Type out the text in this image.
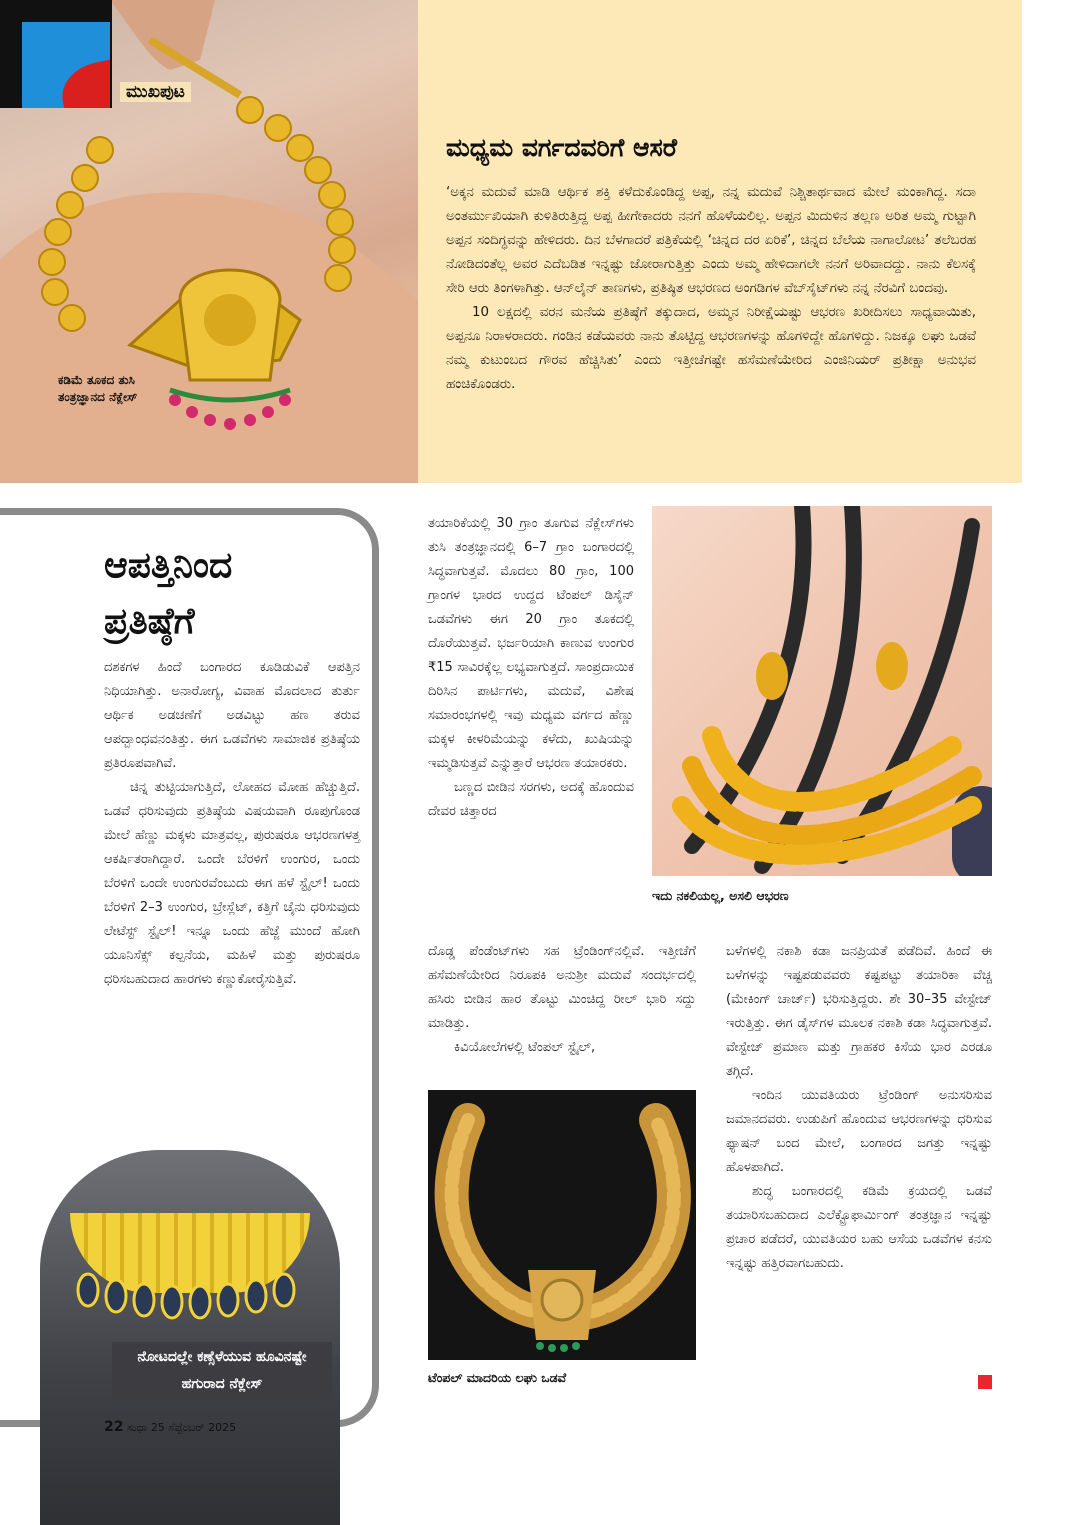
ಮುಖಪುಟ
ಕಡಿಮೆ ತೂಕದ ತುಸಿ ತಂತ್ರಜ್ಞಾನದ ನೆಕ್ಲೇಸ್
ಮಧ್ಯಮ ವರ್ಗದವರಿಗೆ ಆಸರೆ

‘ಅಕ್ಕನ ಮದುವೆ ಮಾಡಿ ಆರ್ಥಿಕ ಶಕ್ತಿ ಕಳೆದುಕೊಂಡಿದ್ದ ಅಪ್ಪ, ನನ್ನ ಮದುವೆ ನಿಶ್ಚಿತಾರ್ಥವಾದ ಮೇಲೆ ಮಂಕಾಗಿದ್ದ. ಸದಾ ಅಂತರ್ಮುಖಿಯಾಗಿ ಕುಳಿತಿರುತ್ತಿದ್ದ ಅಪ್ಪ ಹೀಗೇಕಾದರು ನನಗೆ ಹೊಳೆಯಲಿಲ್ಲ. ಅಪ್ಪನ ಮಿದುಳಿನ ತಲ್ಲಣ ಅರಿತ ಅಮ್ಮ ಗುಟ್ಟಾಗಿ ಅಪ್ಪನ ಸಂದಿಗ್ಧವನ್ನು ಹೇಳಿದರು. ದಿನ ಬೆಳಗಾದರೆ ಪತ್ರಿಕೆಯಲ್ಲಿ ‘ಚಿನ್ನದ ದರ ಏರಿಕೆ’, ಚಿನ್ನದ ಬೆಲೆಯ ನಾಗಾಲೋಟ’ ತಲೆಬರಹ ನೋಡಿದಂತೆಲ್ಲ ಅವರ ಎದೆಬಡಿತ ಇನ್ನಷ್ಟು ಜೋರಾಗುತ್ತಿತ್ತು ಎಂದು ಅಮ್ಮ ಹೇಳಿದಾಗಲೇ ನನಗೆ ಅರಿವಾದದ್ದು. ನಾನು ಕೆಲಸಕ್ಕೆ ಸೇರಿ ಆರು ತಿಂಗಳಾಗಿತ್ತು. ಆನ್‌ಲೈನ್ ತಾಣಗಳು, ಪ್ರತಿಷ್ಠಿತ ಆಭರಣದ ಅಂಗಡಿಗಳ ವೆಬ್‌ಸೈಟ್‌ಗಳು ನನ್ನ ನೆರವಿಗೆ ಬಂದವು.

10 ಲಕ್ಷದಲ್ಲಿ ವರನ ಮನೆಯ ಪ್ರತಿಷ್ಠೆಗೆ ತಕ್ಕುದಾದ, ಅಮ್ಮನ ನಿರೀಕ್ಷೆಯಷ್ಟು ಆಭರಣ ಖರೀದಿಸಲು ಸಾಧ್ಯವಾಯಿತು, ಅಪ್ಪನೂ ನಿರಾಳರಾದರು. ಗಂಡಿನ ಕಡೆಯವರು ನಾನು ತೊಟ್ಟಿದ್ದ ಆಭರಣಗಳನ್ನು ಹೊಗಳಿದ್ದೇ ಹೊಗಳಿದ್ದು. ನಿಜಕ್ಕೂ ಲಘು ಒಡವೆ ನಮ್ಮ ಕುಟುಂಬದ ಗೌರವ ಹೆಚ್ಚಿಸಿತು’ ಎಂದು ಇತ್ತೀಚೆಗಷ್ಟೇ ಹಸೆಮಣೆಯೇರಿದ ಎಂಜಿನಿಯರ್ ಪ್ರತೀಕ್ಷಾ ಅನುಭವ ಹಂಚಿಕೊಂಡರು.

ಆಪತ್ತಿನಿಂದ
ಪ್ರತಿಷ್ಠೆಗೆ

ದಶಕಗಳ ಹಿಂದೆ ಬಂಗಾರದ ಕೂಡಿಡುವಿಕೆ ಆಪತ್ತಿನ ನಿಧಿಯಾಗಿತ್ತು. ಅನಾರೋಗ್ಯ, ವಿವಾಹ ಮೊದಲಾದ ತುರ್ತು ಆರ್ಥಿಕ ಅಡಚಣೆಗೆ ಅಡವಿಟ್ಟು ಹಣ ತರುವ ಆಪದ್ಬಾಂಧವನಂತಿತ್ತು. ಈಗ ಒಡವೆಗಳು ಸಾಮಾಜಿಕ ಪ್ರತಿಷ್ಠೆಯ ಪ್ರತಿರೂಪವಾಗಿವೆ.

ಚಿನ್ನ ತುಟ್ಟಿಯಾಗುತ್ತಿದೆ, ಲೋಹದ ಮೋಹ ಹೆಚ್ಚುತ್ತಿದೆ. ಒಡವೆ ಧರಿಸುವುದು ಪ್ರತಿಷ್ಠೆಯ ವಿಷಯವಾಗಿ ರೂಪುಗೊಂಡ ಮೇಲೆ ಹೆಣ್ಣು ಮಕ್ಕಳು ಮಾತ್ರವಲ್ಲ, ಪುರುಷರೂ ಆಭರಣಗಳತ್ತ ಆಕರ್ಷಿತರಾಗಿದ್ದಾರೆ. ಒಂದೇ ಬೆರಳಿಗೆ ಉಂಗುರ, ಒಂದು ಬೆರಳಿಗೆ ಒಂದೇ ಉಂಗುರವೆಂಬುದು ಈಗ ಹಳೆ ಸ್ಟೈಲ್! ಒಂದು ಬೆರಳಿಗೆ 2–3 ಉಂಗುರ, ಬ್ರೇಸ್ಲೆಟ್, ಕತ್ತಿಗೆ ಚೈನು ಧರಿಸುವುದು ಲೇಟೆಸ್ಟ್ ಸ್ಟೈಲ್! ಇನ್ನೂ ಒಂದು ಹೆಜ್ಜೆ ಮುಂದೆ ಹೋಗಿ ಯೂನಿಸೆಕ್ಸ್ ಕಲ್ಪನೆಯ, ಮಹಿಳೆ ಮತ್ತು ಪುರುಷರೂ ಧರಿಸಬಹುದಾದ ಹಾರಗಳು ಕಣ್ಣುಕೋರೈಸುತ್ತಿವೆ.

ನೋಟದಲ್ಲೇ ಕಣ್ಸೆಳೆಯುವ ಹೂವಿನಷ್ಟೇ ಹಗುರಾದ ನೆಕ್ಲೇಸ್
22 ಸುಧಾ 25 ಸೆಪ್ಟೆಂಬರ್ 2025

ತಯಾರಿಕೆಯಲ್ಲಿ 30 ಗ್ರಾಂ ತೂಗುವ ನೆಕ್ಲೇಸ್‌ಗಳು ತುಸಿ ತಂತ್ರಜ್ಞಾನದಲ್ಲಿ 6–7 ಗ್ರಾಂ ಬಂಗಾರದಲ್ಲಿ ಸಿದ್ಧವಾಗುತ್ತವೆ. ಮೊದಲು 80 ಗ್ರಾಂ, 100 ಗ್ರಾಂಗಳ ಭಾರದ ಉದ್ದದ ಟೆಂಪಲ್ ಡಿಸೈನ್ ಒಡವೆಗಳು ಈಗ 20 ಗ್ರಾಂ ತೂಕದಲ್ಲಿ ದೊರೆಯುತ್ತವೆ. ಭರ್ಜರಿಯಾಗಿ ಕಾಣುವ ಉಂಗುರ ₹15 ಸಾವಿರಕ್ಕೆಲ್ಲ ಲಭ್ಯವಾಗುತ್ತದೆ. ಸಾಂಪ್ರದಾಯಿಕ ದಿರಿಸಿನ ಪಾರ್ಟಿಗಳು, ಮದುವೆ, ವಿಶೇಷ ಸಮಾರಂಭಗಳಲ್ಲಿ ಇವು ಮಧ್ಯಮ ವರ್ಗದ ಹೆಣ್ಣು ಮಕ್ಕಳ ಕೀಳರಿಮೆಯನ್ನು ಕಳೆದು, ಖುಷಿಯನ್ನು ಇಮ್ಮಡಿಸುತ್ತವೆ ಎನ್ನುತ್ತಾರೆ ಆಭರಣ ತಯಾರಕರು.

ಬಣ್ಣದ ಬೀಡಿನ ಸರಗಳು, ಅದಕ್ಕೆ ಹೊಂದುವ ದೇವರ ಚಿತ್ತಾರದ

ಇದು ನಕಲಿಯಲ್ಲ, ಅಸಲಿ ಆಭರಣ

ದೊಡ್ಡ ಪೆಂಡೆಂಟ್‌ಗಳು ಸಹ ಟ್ರೆಂಡಿಂಗ್‌ನಲ್ಲಿವೆ. ಇತ್ತೀಚೆಗೆ ಹಸೆಮಣೆಯೇರಿದ ನಿರೂಪಕಿ ಅನುಶ್ರೀ ಮದುವೆ ಸಂದರ್ಭದಲ್ಲಿ ಹಸಿರು ಬೀಡಿನ ಹಾರ ತೊಟ್ಟು ಮಿಂಚಿದ್ದ ರೀಲ್ ಭಾರಿ ಸದ್ದು ಮಾಡಿತ್ತು.

ಕಿವಿಯೋಲೆಗಳಲ್ಲಿ ಟೆಂಪಲ್ ಸ್ಟೈಲ್,

ಟೆಂಪಲ್ ಮಾದರಿಯ ಲಘು ಒಡವೆ

ಬಳೆಗಳಲ್ಲಿ ನಕಾಶಿ ಕಡಾ ಜನಪ್ರಿಯತೆ ಪಡೆದಿವೆ. ಹಿಂದೆ ಈ ಬಳೆಗಳನ್ನು ಇಷ್ಟಪಡುವವರು ಕಷ್ಟಪಟ್ಟು ತಯಾರಿಕಾ ವೆಚ್ಚ (ಮೇಕಿಂಗ್ ಚಾರ್ಜ್) ಭರಿಸುತ್ತಿದ್ದರು. ಶೇ 30–35 ವೇಸ್ಟೇಜ್ ಇರುತ್ತಿತ್ತು. ಈಗ ಡೈಸ್‌ಗಳ ಮೂಲಕ ನಕಾಶಿ ಕಡಾ ಸಿದ್ಧವಾಗುತ್ತವೆ. ವೇಸ್ಟೇಜ್ ಪ್ರಮಾಣ ಮತ್ತು ಗ್ರಾಹಕರ ಕಿಸೆಯ ಭಾರ ಎರಡೂ ತಗ್ಗಿದೆ.

ಇಂದಿನ ಯುವತಿಯರು ಟ್ರೆಂಡಿಂಗ್ ಅನುಸರಿಸುವ ಜಮಾನದವರು. ಉಡುಪಿಗೆ ಹೊಂದುವ ಆಭರಣಗಳನ್ನು ಧರಿಸುವ ಫ್ಯಾಷನ್ ಬಂದ ಮೇಲೆ, ಬಂಗಾರದ ಜಗತ್ತು ಇನ್ನಷ್ಟು ಹೊಳಪಾಗಿದೆ.

ಶುದ್ಧ ಬಂಗಾರದಲ್ಲಿ ಕಡಿಮೆ ಕ್ರಯದಲ್ಲಿ ಒಡವೆ ತಯಾರಿಸಬಹುದಾದ ಎಲೆಕ್ಟ್ರೊಫಾರ್ಮಿಂಗ್ ತಂತ್ರಜ್ಞಾನ ಇನ್ನಷ್ಟು ಪ್ರಚಾರ ಪಡೆದರೆ, ಯುವತಿಯರ ಬಹು ಆಸೆಯ ಒಡವೆಗಳ ಕನಸು ಇನ್ನಷ್ಟು ಹತ್ತಿರವಾಗಬಹುದು.
